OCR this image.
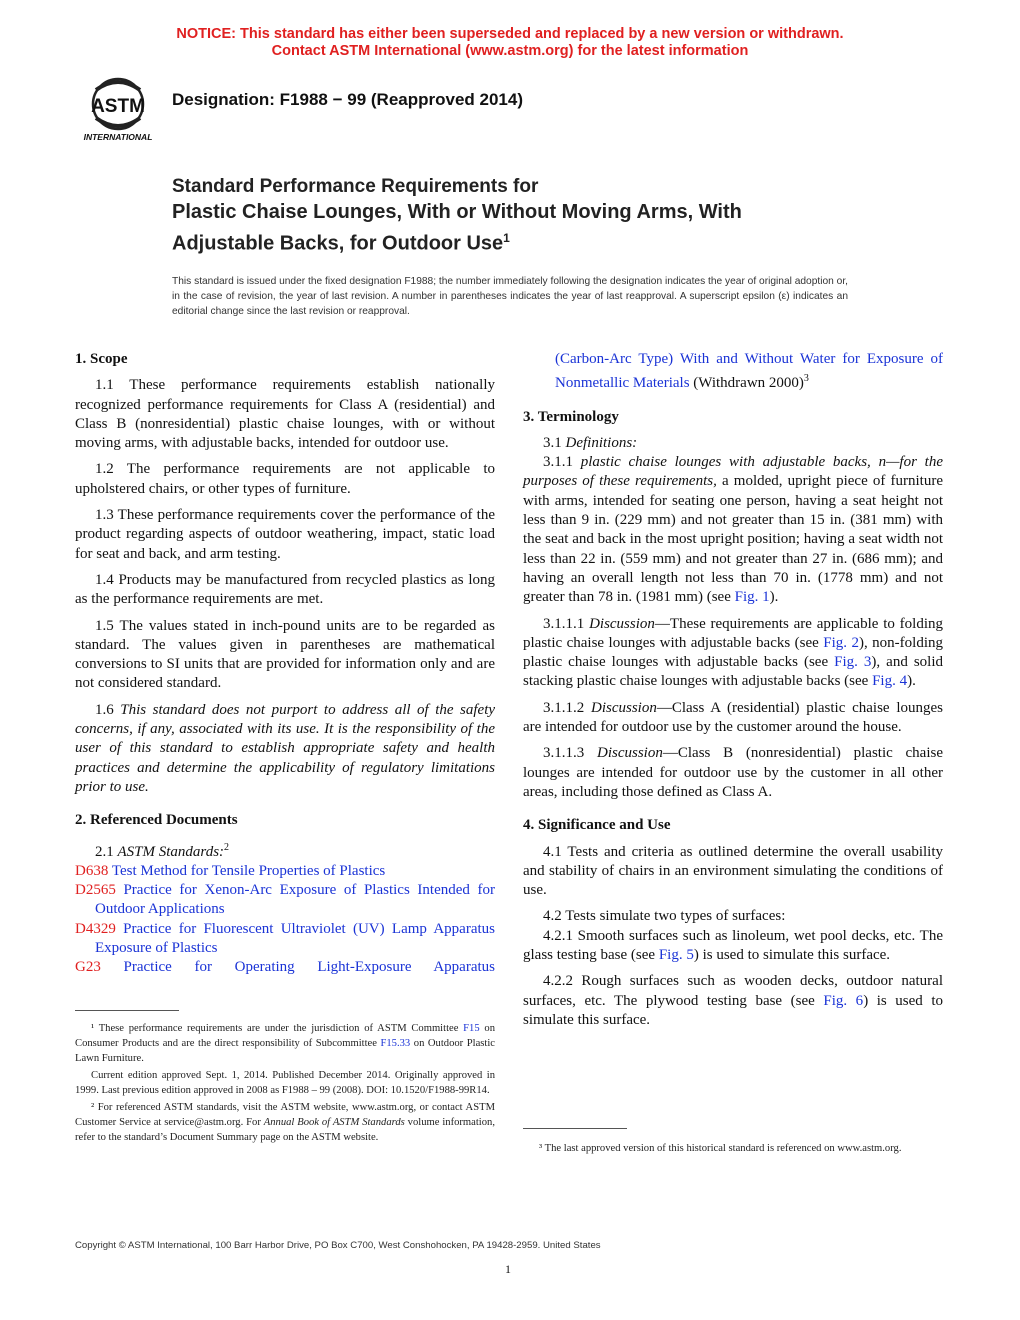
NOTICE: This standard has either been superseded and replaced by a new version or withdrawn.
Contact ASTM International (www.astm.org) for the latest information
ASTM
INTERNATIONAL
Designation: F1988 − 99 (Reapproved 2014)
Standard Performance Requirements for
Plastic Chaise Lounges, With or Without Moving Arms, With
Adjustable Backs, for Outdoor Use$^1$
This standard is issued under the fixed designation F1988; the number immediately following the designation indicates the year of original adoption or, in the case of revision, the year of last revision. A number in parentheses indicates the year of last reapproval. A superscript epsilon (ε) indicates an editorial change since the last revision or reapproval.
1. Scope

1.1 These performance requirements establish nationally recognized performance requirements for Class A (residential) and Class B (nonresidential) plastic chaise lounges, with or without moving arms, with adjustable backs, intended for outdoor use.

1.2 The performance requirements are not applicable to upholstered chairs, or other types of furniture.

1.3 These performance requirements cover the performance of the product regarding aspects of outdoor weathering, impact, static load for seat and back, and arm testing.

1.4 Products may be manufactured from recycled plastics as long as the performance requirements are met.

1.5 The values stated in inch-pound units are to be regarded as standard. The values given in parentheses are mathematical conversions to SI units that are provided for information only and are not considered standard.

1.6 This standard does not purport to address all of the safety concerns, if any, associated with its use. It is the responsibility of the user of this standard to establish appropriate safety and health practices and determine the applicability of regulatory limitations prior to use.

2. Referenced Documents

2.1 ASTM Standards:$^2$

D638 Test Method for Tensile Properties of Plastics
D2565 Practice for Xenon-Arc Exposure of Plastics Intended for Outdoor Applications
D4329 Practice for Fluorescent Ultraviolet (UV) Lamp Apparatus Exposure of Plastics
G23 Practice for Operating Light-Exposure Apparatus

¹ These performance requirements are under the jurisdiction of ASTM Committee F15 on Consumer Products and are the direct responsibility of Subcommittee F15.33 on Outdoor Plastic Lawn Furniture.

Current edition approved Sept. 1, 2014. Published December 2014. Originally approved in 1999. Last previous edition approved in 2008 as F1988 – 99 (2008). DOI: 10.1520/F1988-99R14.

² For referenced ASTM standards, visit the ASTM website, www.astm.org, or contact ASTM Customer Service at service@astm.org. For Annual Book of ASTM Standards volume information, refer to the standard’s Document Summary page on the ASTM website.

(Carbon-Arc Type) With and Without Water for Exposure of Nonmetallic Materials (Withdrawn 2000)$^3$

3. Terminology

3.1 Definitions:

3.1.1 plastic chaise lounges with adjustable backs, n—for the purposes of these requirements, a molded, upright piece of furniture with arms, intended for seating one person, having a seat height not less than 9 in. (229 mm) and not greater than 15 in. (381 mm) with the seat and back in the most upright position; having a seat width not less than 22 in. (559 mm) and not greater than 27 in. (686 mm); and having an overall length not less than 70 in. (1778 mm) and not greater than 78 in. (1981 mm) (see Fig. 1).

3.1.1.1 Discussion—These requirements are applicable to folding plastic chaise lounges with adjustable backs (see Fig. 2), non-folding plastic chaise lounges with adjustable backs (see Fig. 3), and solid stacking plastic chaise lounges with adjustable backs (see Fig. 4).

3.1.1.2 Discussion—Class A (residential) plastic chaise lounges are intended for outdoor use by the customer around the house.

3.1.1.3 Discussion—Class B (nonresidential) plastic chaise lounges are intended for outdoor use by the customer in all other areas, including those defined as Class A.

4. Significance and Use

4.1 Tests and criteria as outlined determine the overall usability and stability of chairs in an environment simulating the conditions of use.

4.2 Tests simulate two types of surfaces:

4.2.1 Smooth surfaces such as linoleum, wet pool decks, etc. The glass testing base (see Fig. 5) is used to simulate this surface.

4.2.2 Rough surfaces such as wooden decks, outdoor natural surfaces, etc. The plywood testing base (see Fig. 6) is used to simulate this surface.

³ The last approved version of this historical standard is referenced on www.astm.org.

Copyright © ASTM International, 100 Barr Harbor Drive, PO Box C700, West Conshohocken, PA 19428-2959. United States
1
